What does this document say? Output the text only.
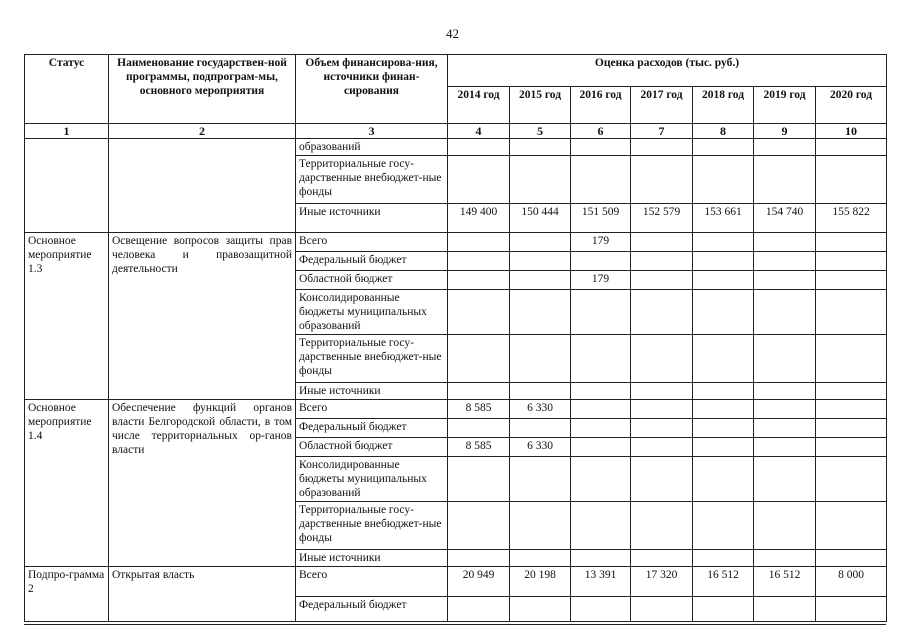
42
Статус	Наименование государствен-ной программы, подпрограм-мы, основного мероприятия	Объем финансирова-ния, источники финан-сирования	Оценка расходов (тыс. руб.)						
			2014 год	2015 год	2016 год	2017 год	2018 год	2019 год	2020 год
1	2	3	4	5	6	7	8	9	10
		образований							
		Территориальные госу-дарственные внебюджет-ные фонды							
		Иные источники	149 400	150 444	151 509	152 579	153 661	154 740	155 822
Основное мероприятие 1.3	Освещение вопросов защиты прав человека и правозащитной деятельности	Всего			179				
		Федеральный бюджет							
		Областной бюджет			179				
		Консолидированные бюджеты муниципальных образований							
		Территориальные госу-дарственные внебюджет-ные фонды							
		Иные источники							
Основное мероприятие 1.4	Обеспечение функций органов власти Белгородской области, в том числе территориальных ор-ганов власти	Всего	8 585	6 330					
		Федеральный бюджет							
		Областной бюджет	8 585	6 330					
		Консолидированные бюджеты муниципальных образований							
		Территориальные госу-дарственные внебюджет-ные фонды							
		Иные источники							
Подпро-грамма 2	Открытая власть	Всего	20 949	20 198	13 391	17 320	16 512	16 512	8 000
		Федеральный бюджет							
